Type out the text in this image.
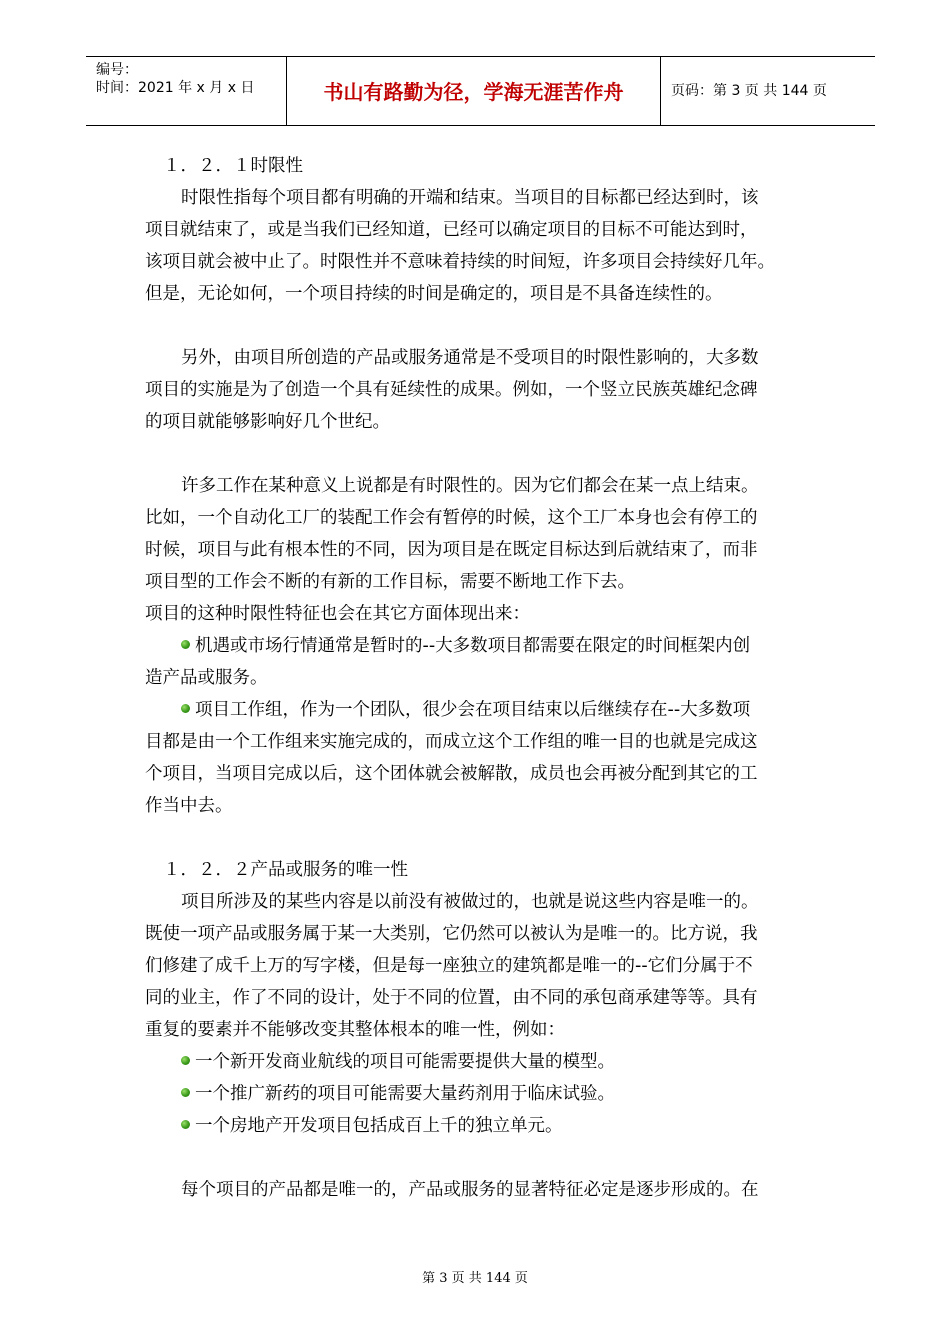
编号：
时间：2021 年 x 月 x 日	书山有路勤为径，学海无涯苦作舟	页码：第 3 页 共 144 页
１．２．１时限性
时限性指每个项目都有明确的开端和结束。当项目的目标都已经达到时，该
项目就结束了，或是当我们已经知道，已经可以确定项目的目标不可能达到时，
该项目就会被中止了。时限性并不意味着持续的时间短，许多项目会持续好几年。
但是，无论如何，一个项目持续的时间是确定的，项目是不具备连续性的。
另外，由项目所创造的产品或服务通常是不受项目的时限性影响的，大多数
项目的实施是为了创造一个具有延续性的成果。例如，一个竖立民族英雄纪念碑
的项目就能够影响好几个世纪。
许多工作在某种意义上说都是有时限性的。因为它们都会在某一点上结束。
比如，一个自动化工厂的装配工作会有暂停的时候，这个工厂本身也会有停工的
时候，项目与此有根本性的不同，因为项目是在既定目标达到后就结束了，而非
项目型的工作会不断的有新的工作目标，需要不断地工作下去。
项目的这种时限性特征也会在其它方面体现出来：
机遇或市场行情通常是暂时的--大多数项目都需要在限定的时间框架内创
造产品或服务。
项目工作组，作为一个团队，很少会在项目结束以后继续存在--大多数项
目都是由一个工作组来实施完成的，而成立这个工作组的唯一目的也就是完成这
个项目，当项目完成以后，这个团体就会被解散，成员也会再被分配到其它的工
作当中去。
１．２．２产品或服务的唯一性
项目所涉及的某些内容是以前没有被做过的，也就是说这些内容是唯一的。
既使一项产品或服务属于某一大类别，它仍然可以被认为是唯一的。比方说，我
们修建了成千上万的写字楼，但是每一座独立的建筑都是唯一的--它们分属于不
同的业主，作了不同的设计，处于不同的位置，由不同的承包商承建等等。具有
重复的要素并不能够改变其整体根本的唯一性，例如：
一个新开发商业航线的项目可能需要提供大量的模型。
一个推广新药的项目可能需要大量药剂用于临床试验。
一个房地产开发项目包括成百上千的独立单元。
每个项目的产品都是唯一的，产品或服务的显著特征必定是逐步形成的。在
第 3 页 共 144 页
